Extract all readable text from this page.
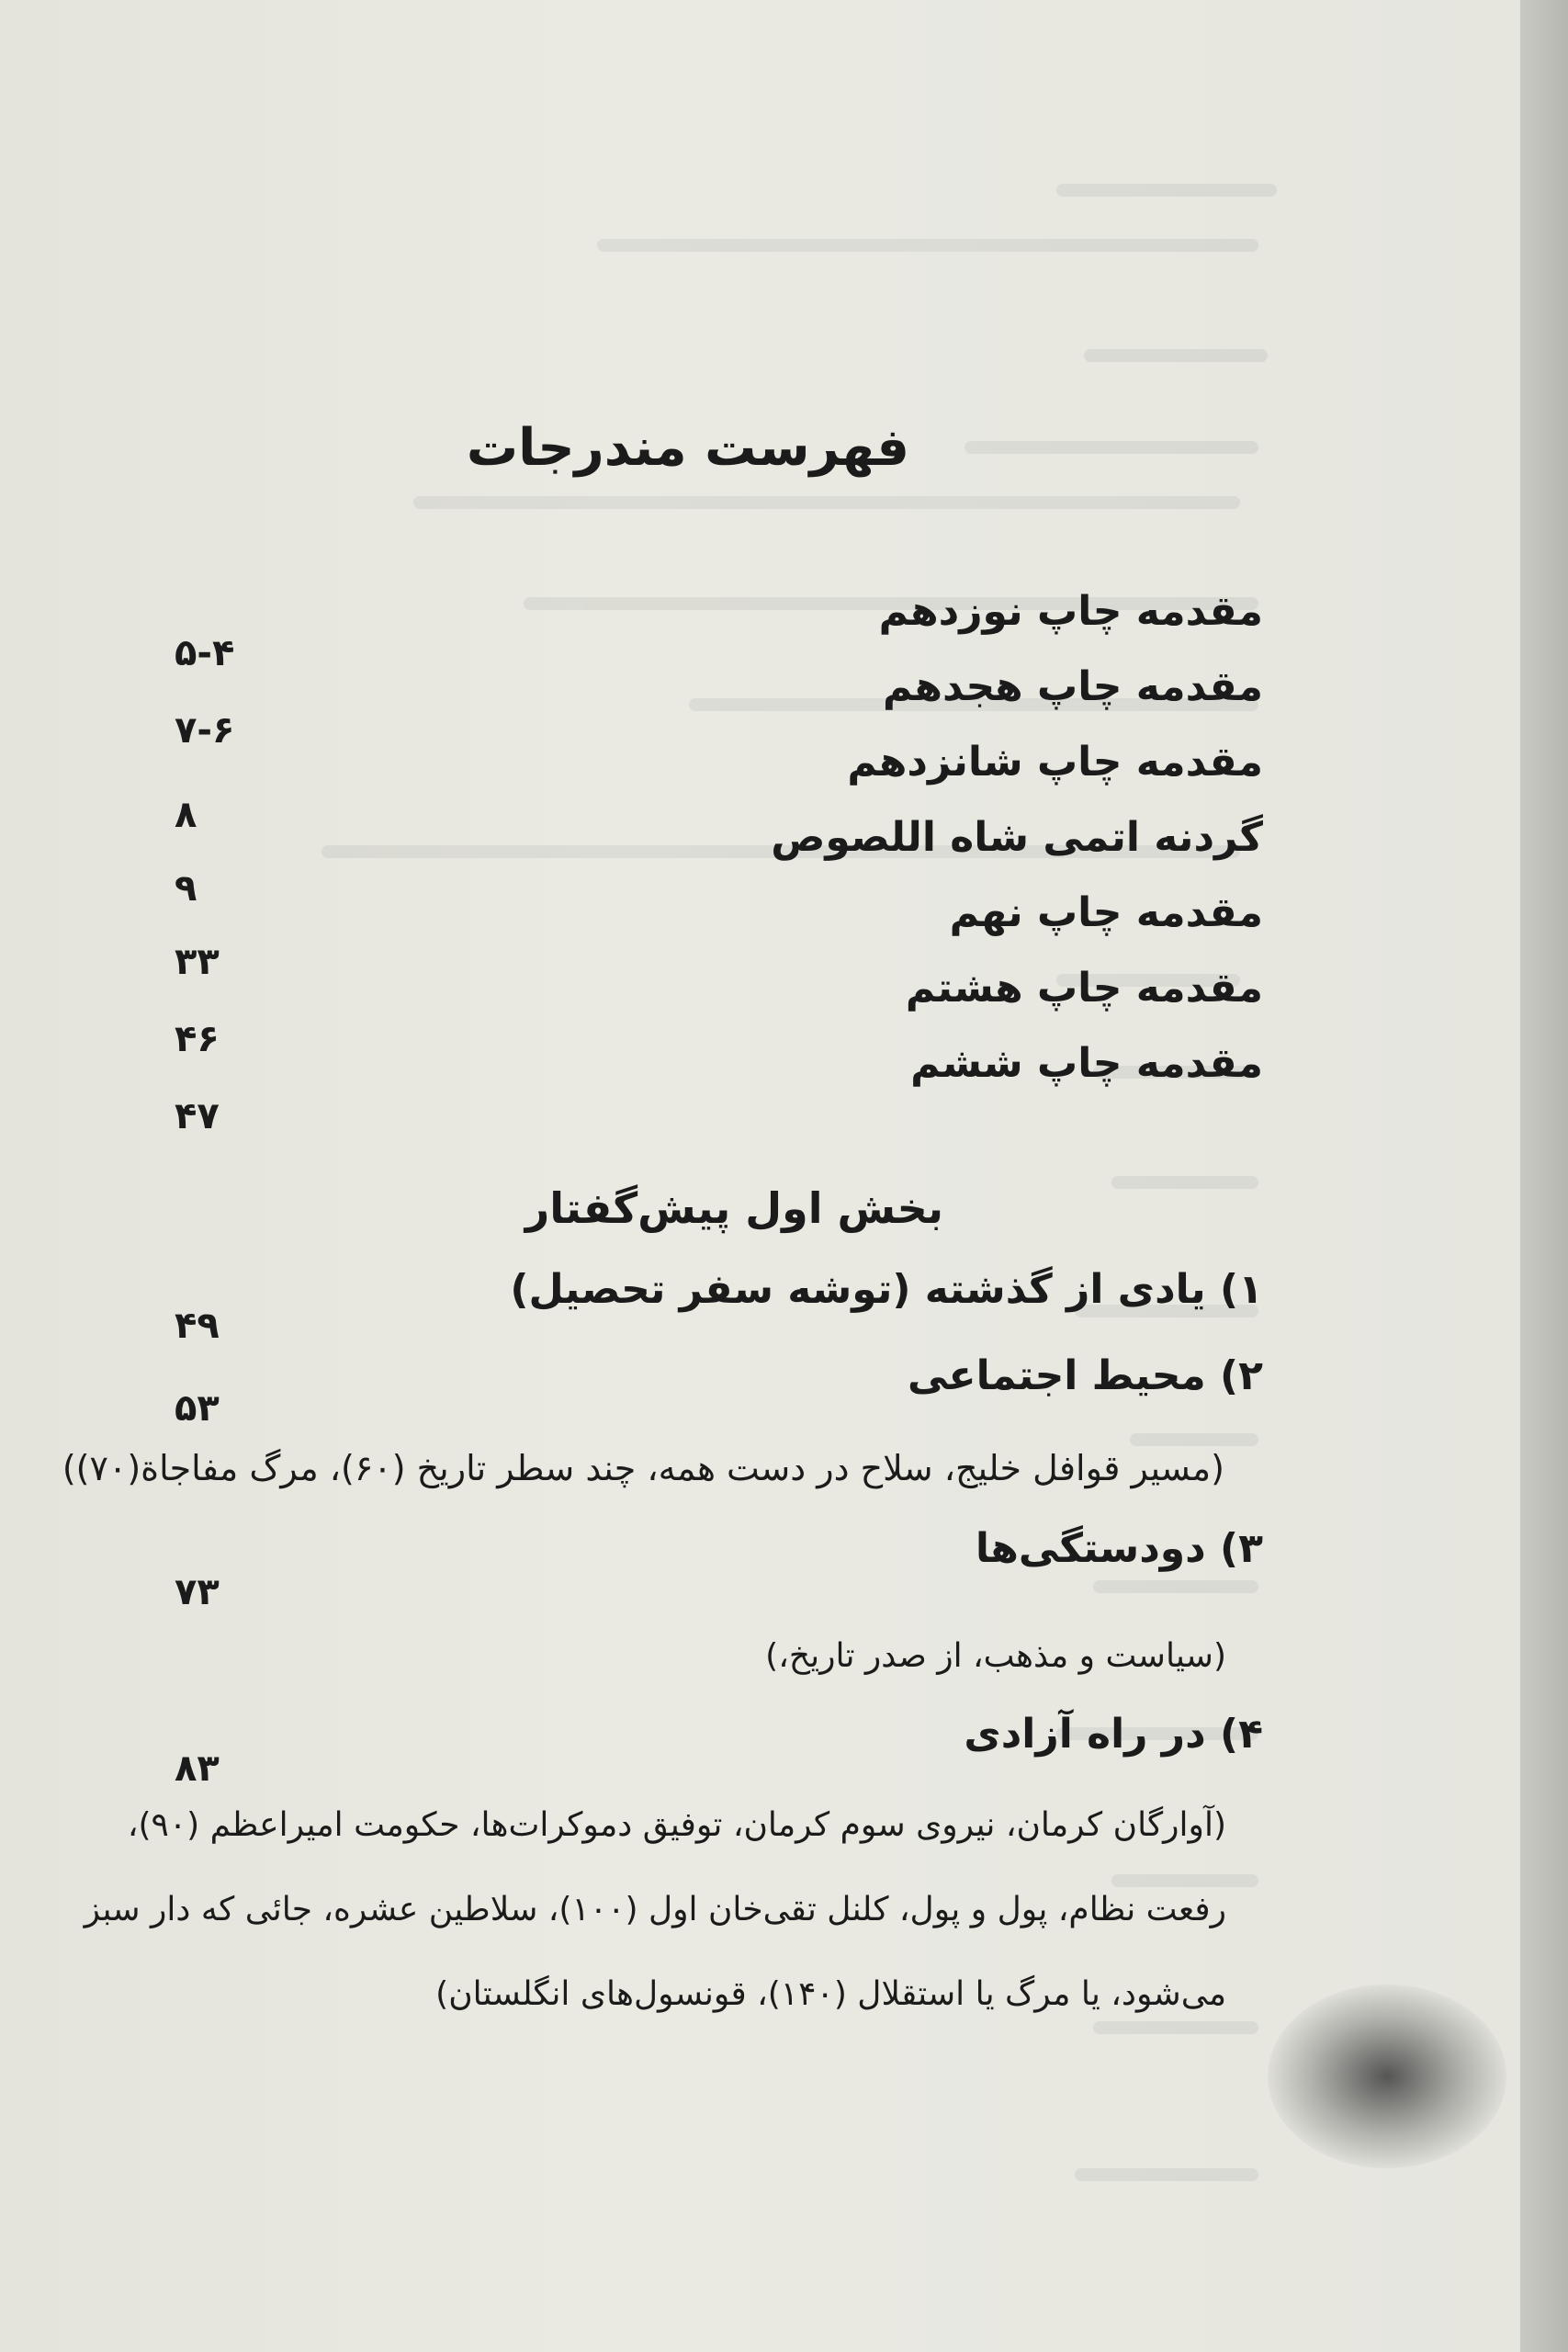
فهرست مندرجات
مقدمه چاپ نوزدهم
۵-۴
مقدمه چاپ هجدهم
۷-۶
مقدمه چاپ شانزدهم
۸	گردنه اتمی شاه اللصوص
۹
مقدمه چاپ نهم
۳۳
مقدمه چاپ هشتم
۴۶
مقدمه چاپ ششم
۴۷
بخش اول پیش‌گفتار
۱) یادی از گذشته (توشه سفر تحصیل)
۴۹
۲) محیط اجتماعی
۵۳
(مسیر قوافل خلیج، سلاح در دست همه، چند سطر تاریخ (۶۰)، مرگ مفاجاة(۷۰))
۳) دودستگی‌ها
۷۳
(سیاست و مذهب، از صدر تاریخ،)
۴) در راه آزادی
۸۳
(آوارگان کرمان، نیروی سوم کرمان، توفیق دموکرات‌ها، حکومت امیراعظم (۹۰)،
رفعت نظام، پول و پول، کلنل تقی‌خان اول (۱۰۰)، سلاطین عشره، جائی که دار سبز
می‌شود، یا مرگ یا استقلال (۱۴۰)، قونسول‌های انگلستان)
